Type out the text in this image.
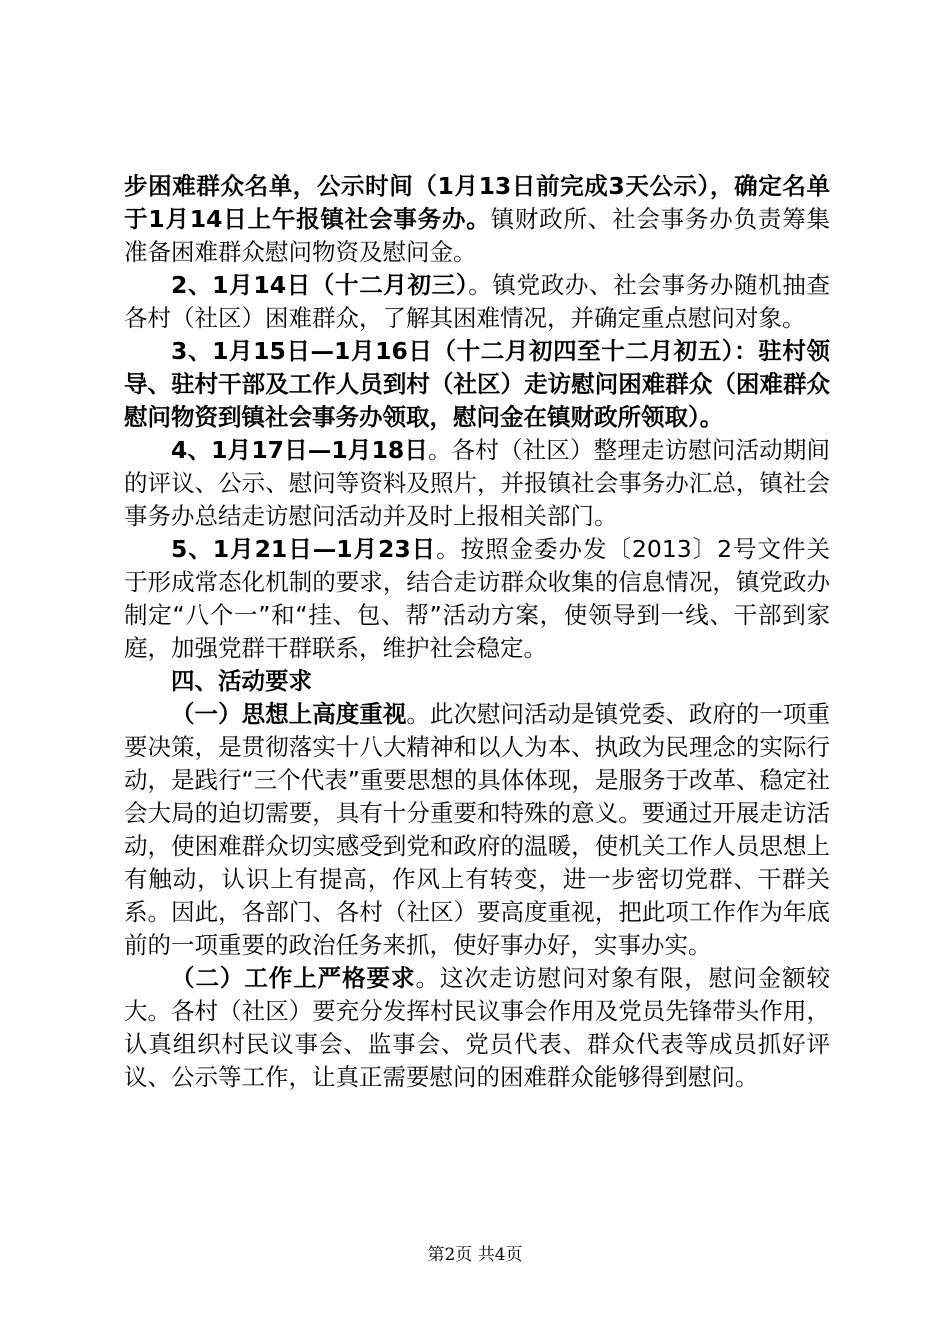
步困难群众名单，公示时间（1月13日前完成3天公示），确定名单于1月14日上午报镇社会事务办。镇财政所、社会事务办负责筹集准备困难群众慰问物资及慰问金。

2、1月14日（十二月初三）。镇党政办、社会事务办随机抽查各村（社区）困难群众，了解其困难情况，并确定重点慰问对象。

3、1月15日—1月16日（十二月初四至十二月初五）：驻村领导、驻村干部及工作人员到村（社区）走访慰问困难群众（困难群众慰问物资到镇社会事务办领取，慰问金在镇财政所领取）。

4、1月17日—1月18日。各村（社区）整理走访慰问活动期间的评议、公示、慰问等资料及照片，并报镇社会事务办汇总，镇社会事务办总结走访慰问活动并及时上报相关部门。

5、1月21日—1月23日。按照金委办发〔2013〕2号文件关于形成常态化机制的要求，结合走访群众收集的信息情况，镇党政办制定“八个一”和“挂、包、帮”活动方案，使领导到一线、干部到家庭，加强党群干群联系，维护社会稳定。

四、活动要求

（一）思想上高度重视。此次慰问活动是镇党委、政府的一项重要决策，是贯彻落实十八大精神和以人为本、执政为民理念的实际行动，是践行“三个代表”重要思想的具体体现，是服务于改革、稳定社会大局的迫切需要，具有十分重要和特殊的意义。要通过开展走访活动，使困难群众切实感受到党和政府的温暖，使机关工作人员思想上有触动，认识上有提高，作风上有转变，进一步密切党群、干群关系。因此，各部门、各村（社区）要高度重视，把此项工作作为年底前的一项重要的政治任务来抓，使好事办好，实事办实。

（二）工作上严格要求。这次走访慰问对象有限，慰问金额较大。各村（社区）要充分发挥村民议事会作用及党员先锋带头作用，认真组织村民议事会、监事会、党员代表、群众代表等成员抓好评议、公示等工作，让真正需要慰问的困难群众能够得到慰问。

第2页 共4页
